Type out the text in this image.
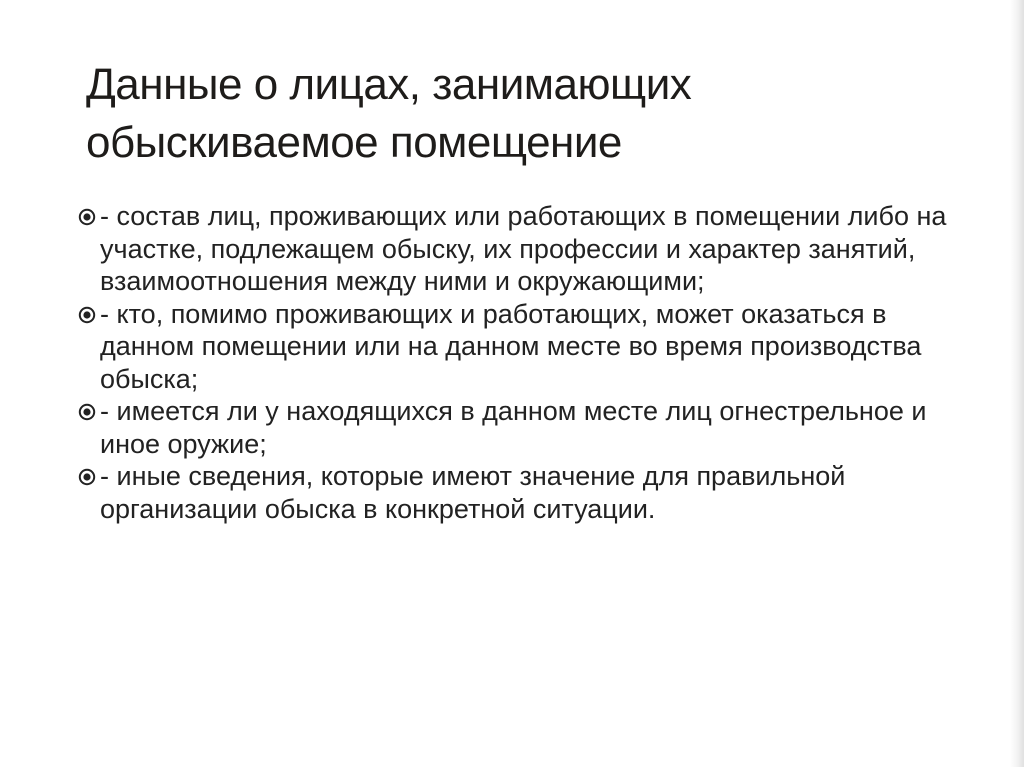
Данные о лицах, занимающих обыскиваемое помещение
- состав лиц, проживающих или работающих в помещении либо на участке, подлежащем обыску, их профессии и характер занятий, взаимоотношения между ними и окружающими;
- кто, помимо проживающих и работающих, может оказаться в данном помещении или на данном месте во время производства обыска;
- имеется ли у находящихся в данном месте лиц огнестрельное и иное оружие;
- иные сведения, которые имеют значение для правильной организации обыска в конкретной ситуации.
